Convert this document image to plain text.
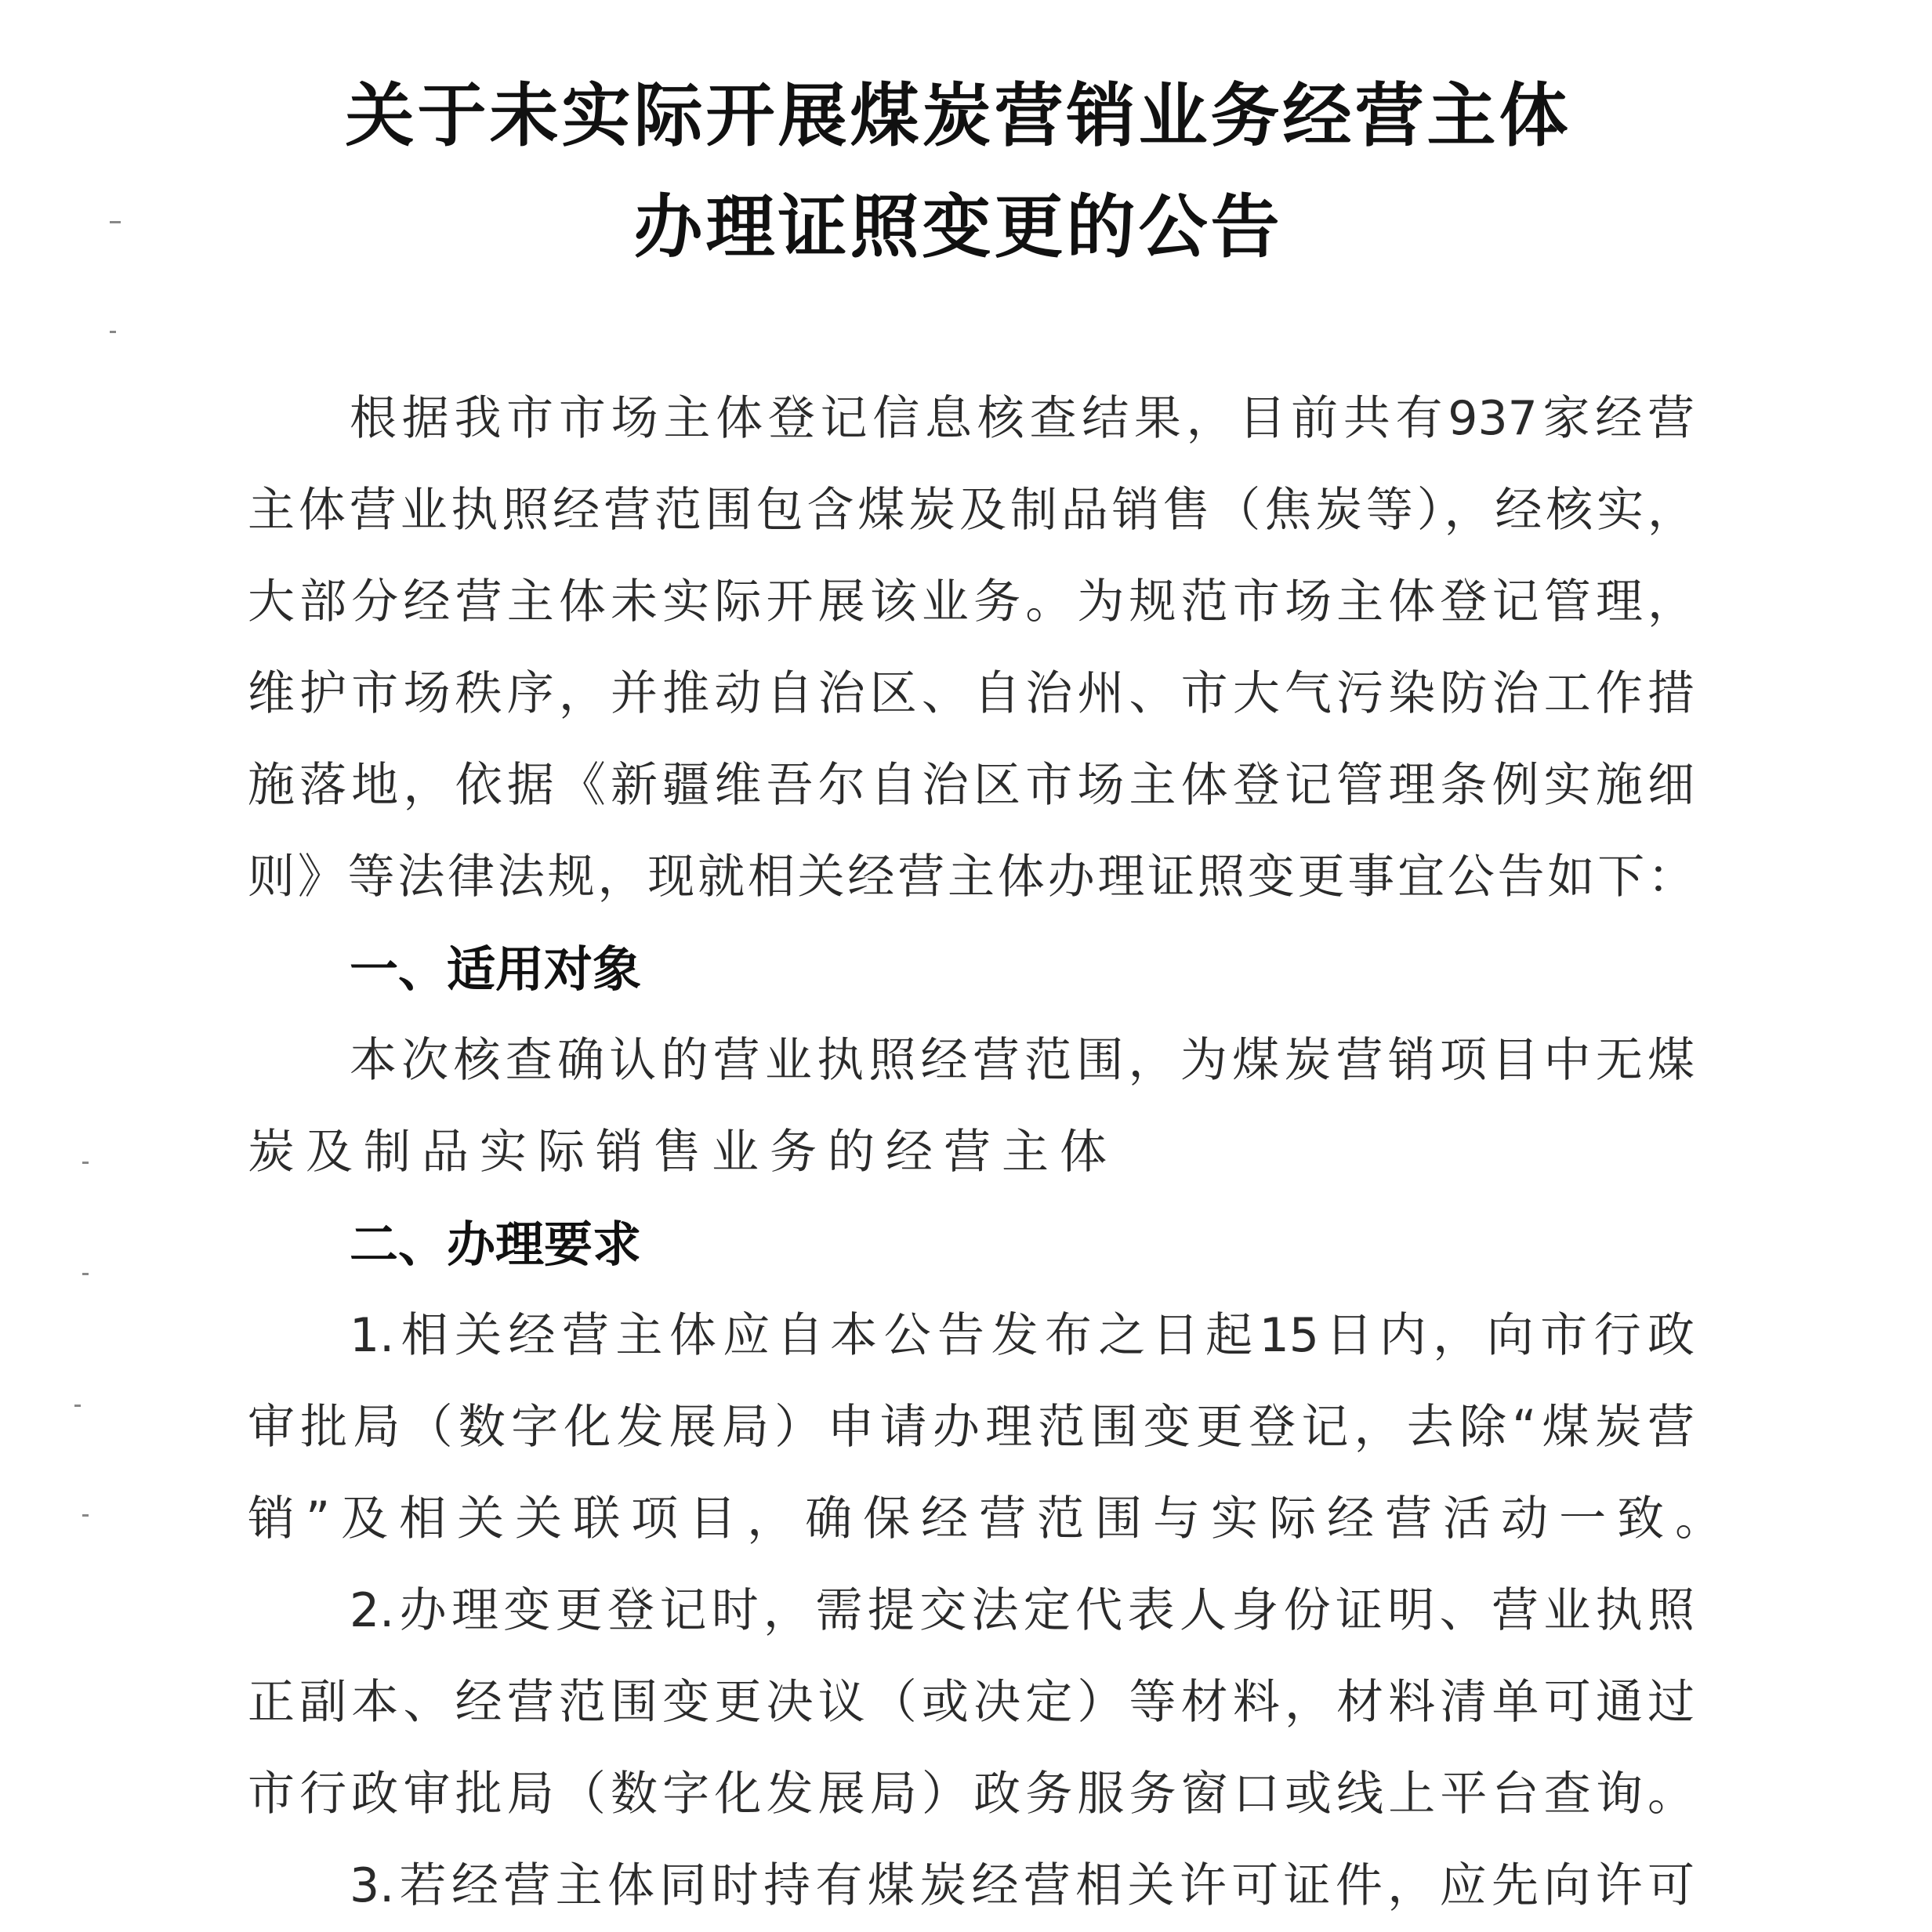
关于未实际开展煤炭营销业务经营主体
办理证照变更的公告
根据我市市场主体登记信息核查结果，目前共有937家经营
主体营业执照经营范围包含煤炭及制品销售（焦炭等），经核实，
大部分经营主体未实际开展该业务。为规范市场主体登记管理，
维护市场秩序，并推动自治区、自治州、市大气污染防治工作措
施落地，依据《新疆维吾尔自治区市场主体登记管理条例实施细
则》等法律法规，现就相关经营主体办理证照变更事宜公告如下：
一、适用对象
本次核查确认的营业执照经营范围，为煤炭营销项目中无煤
炭及制品实际销售业务的经营主体
二、办理要求
1.相关经营主体应自本公告发布之日起15日内，向市行政
审批局（数字化发展局）申请办理范围变更登记，去除“煤炭营
销”及相关关联项目，确保经营范围与实际经营活动一致。
2.办理变更登记时，需提交法定代表人身份证明、营业执照
正副本、经营范围变更决议（或决定）等材料，材料清单可通过
市行政审批局（数字化发展局）政务服务窗口或线上平台查询。
3.若经营主体同时持有煤炭经营相关许可证件，应先向许可
